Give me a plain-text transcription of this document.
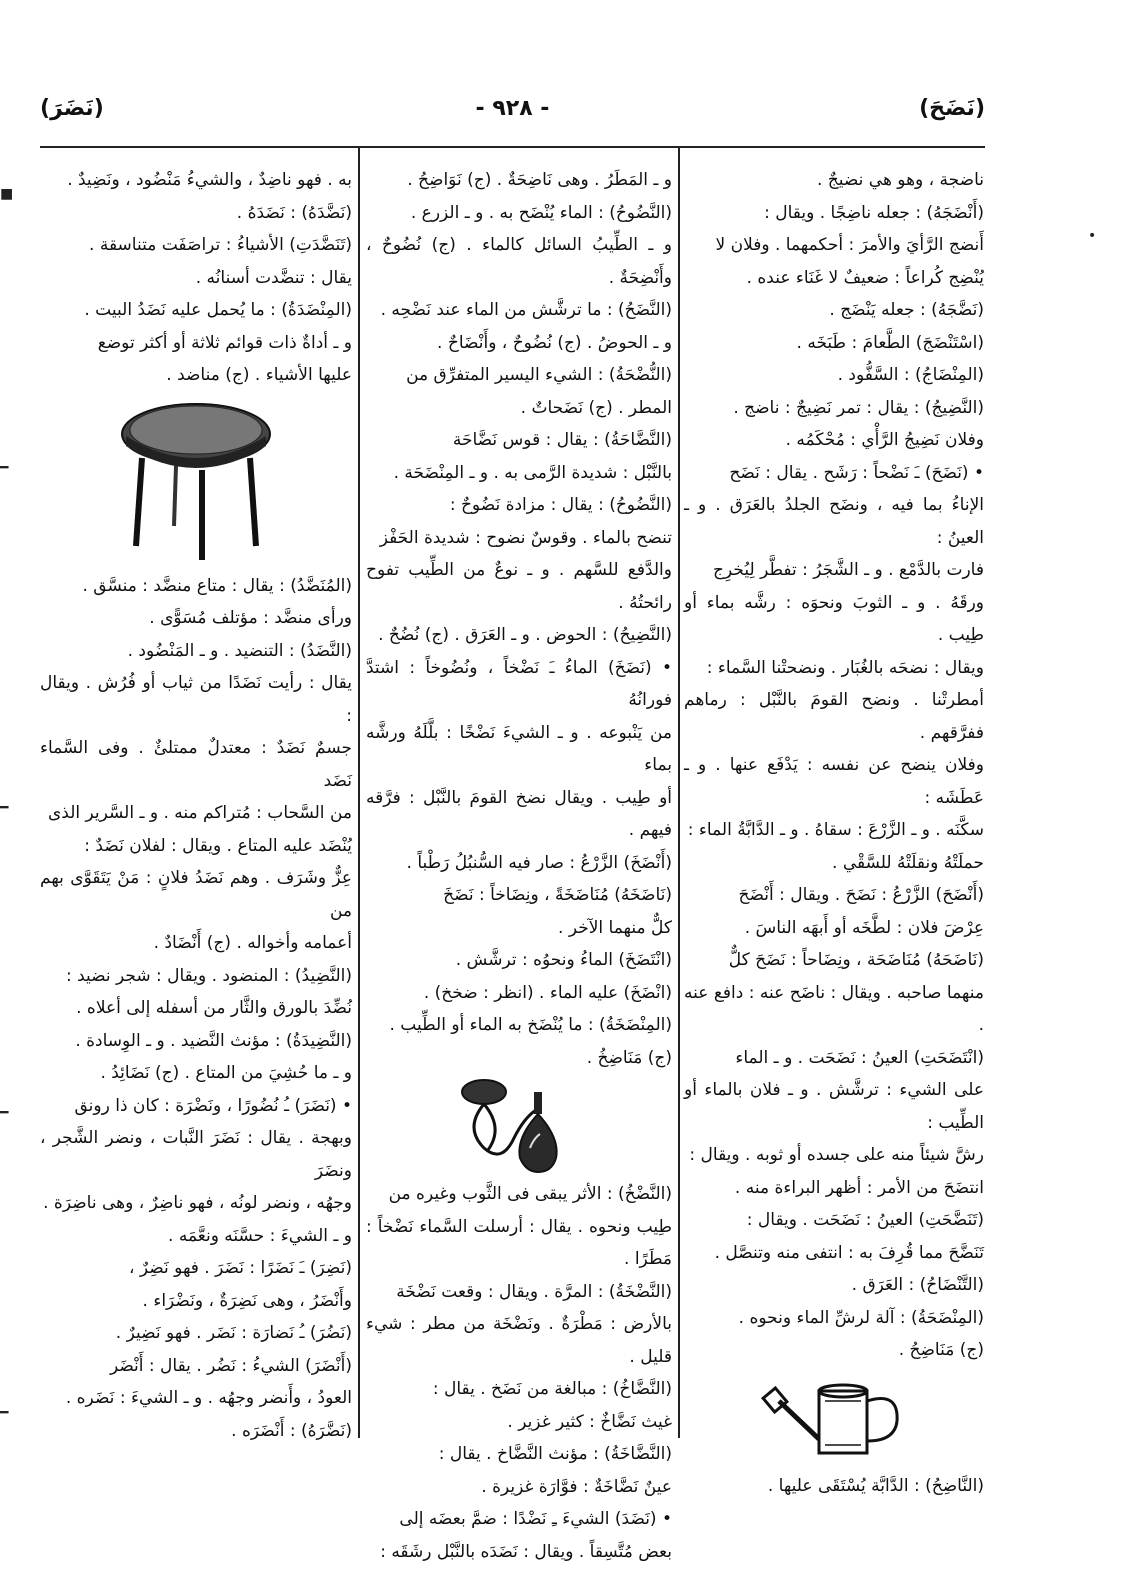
(نَضَحَ)
- ٩٢٨ -
(نَضَرَ)

ناضجة ، وهو هي نضيجٌ .

(أَنْضَجَهُ) : جعله ناضِجًا . ويقال :

أَنضج الرَّأيَ والأمرَ : أحكمهما . وفلان لا

يُنْضِج كُراعاً : ضعيفٌ لا غَنَاء عنده .

(نَضَّجَهُ) : جعله يَنْضَج .

(اسْتَنْضَجَ) الطَّعامَ : طَبَخَه .

(المِنْضَاجُ) : السَّفُّود .

(النَّضِيجُ) : يقال : تمر نَضِيجٌ : ناضج .

وفلان نَضِيجُ الرَّأْي : مُحْكَمُه .

• (نَضَحَ) ـَ نَضْحاً : رَشَح . يقال : نَضَح

الإناءُ بما فيه ، ونضَح الجلدُ بالعَرَق . و ـ العينُ :

فارت بالدَّمْع . و ـ الشَّجَرُ : تفطَّر لِيُخرِج

ورقَهُ . و ـ الثوبَ ونحوَه : رشَّه بماء أو طِيب .

ويقال : نضحَه بالغُبَار . ونضحتْنا السَّماء :

أمطرتْنا . ونضح القومَ بالنَّبْل : رماهم ففرَّقهم .

وفلان ينضح عن نفسه : يَدْفَع عنها . و ـ عَطَشَه :

سكَّنَه . و ـ الزَّرْعَ : سقاهُ . و ـ الدَّابَّةُ الماء :

حملَتْهُ ونقلَتْهُ للسَّقْي .

(أَنْضَحَ) الزَّرْعُ : نَضَحَ . ويقال : أَنْضَحَ

عِرْضَ فلان : لطَّخَه أو أَبهَه الناسَ .

(نَاضَحَهُ) مُنَاضَحَة ، ونِضَاحاً : نَضَحَ كلٌّ

منهما صاحبه . ويقال : ناضَح عنه : دافع عنه .

(انْتَضَحَتِ) العينُ : نَضَحَت . و ـ الماء

على الشيء : ترشَّش . و ـ فلان بالماء أو الطِّيب :

رشَّ شيئاً منه على جسده أو ثوبه . ويقال :

انتضَحَ من الأمر : أظهر البراءة منه .

(تَنَضَّحَتِ) العينُ : نَضَحَت . ويقال :

تَنَضَّحَ مما قُرِفَ به : انتفى منه وتنصَّل .

(التَّنْضَاحُ) : العَرَق .

(المِنْضَحَةُ) : آلة لرشِّ الماء ونحوه .

(ج) مَنَاضِحُ .

(النَّاضِحُ) : الدَّابَّة يُسْتَقَى عليها .

و ـ المَطَرُ . وهى نَاضِحَةٌ . (ج) نَوَاضِحُ .

(النَّضُوحُ) : الماء يُنْضَح به . و ـ الزرع .

و ـ الطِّيبُ السائل كالماء . (ج) نُضُوحٌ ، وأَنْضِحَةٌ .

(النَّضَحُ) : ما ترشَّش من الماء عند نَضْحِه .

و ـ الحوضُ . (ج) نُضُوحٌ ، وأَنْضَاحٌ .

(النُّضْحَةُ) : الشيء اليسير المتفرِّق من

المطر . (ج) نَضَحاتٌ .

(النَّضَّاحَةُ) : يقال : قوس نَضَّاحَة

بالنَّبْل : شديدة الرَّمى به . و ـ المِنْضَحَة .

(النَّضُوحُ) : يقال : مزادة نَضُوحٌ :

تنضح بالماء . وقوسٌ نضوح : شديدة الحَفْز

والدَّفع للسَّهم . و ـ نوعٌ من الطِّيب تفوح رائحتُهُ .

(النَّضِيحُ) : الحوض . و ـ العَرَق . (ج) نُضُحٌ .

• (نَضَخَ) الماءُ ـَ نَضْخاً ، ونُضُوخاً : اشتدَّ فورانُهُ

من يَنْبوعه . و ـ الشيءَ نَضْخًا : بلَّلَهُ ورشَّه بماء

أو طِيب . ويقال نضخ القومَ بالنَّبْل : فرَّقه فيهم .

(أَنْضَخَ) الزَّرْعُ : صار فيه السُّنبُلُ رَطْباً .

(نَاضَخَهُ) مُنَاضَخَةً ، ونِضَاخاً : نَضَخَ

كلٌّ منهما الآخر .

(انْتَضَخَ) الماءُ ونحوُه : ترشَّش .

(انْضَخَ) عليه الماء . (انظر : ضخخ) .

(المِنْضَخَةُ) : ما يُنْضَخ به الماء أو الطِّيب .

(ج) مَنَاضِخُ .

(النَّضْخُ) : الأثر يبقى فى الثَّوب وغيره من

طِيب ونحوه . يقال : أرسلت السَّماء نَضْخاً : مَطَرًا .

(النَّضْخَةُ) : المرَّة . ويقال : وقعت نَضْخَة

بالأرض : مَطْرَةٌ . ونَضْخَة من مطر : شيء قليل .

(النَّضَّاخُ) : مبالغة من نَضَخ . يقال :

غيث نَضَّاخٌ : كثير غزير .

(النَّضَّاخَةُ) : مؤنث النَّضَّاخ . يقال :

عينٌ نَضَّاخَةٌ : فوَّارَة غزيرة .

• (نَضَدَ) الشيءَ ـِ نَضْدًا : ضمَّ بعضَه إلى

بعض مُتَّسِقاً . ويقال : نَضَدَه بالنَّبْل رشَقَه :

به . فهو ناضِدٌ ، والشيءُ مَنْضُود ، ونَضِيدٌ .

(نَضَّدَهُ) : نَضَدَهُ .

(تَنَضَّدَتِ) الأشياءُ : تراصَفَت متناسقة .

يقال : تنضَّدت أسنانُه .

(المِنْضَدَةُ) : ما يُحمل عليه نَضَدُ البيت .

و ـ أداةٌ ذات قوائم ثلاثة أو أكثر توضع

عليها الأشياء . (ج) مناضد .

(المُنَضَّدُ) : يقال : متاع منضَّد : منسَّق .

ورأى منضَّد : مؤتلف مُسَوًّى .

(النَّضَدُ) : التنضيد . و ـ المَنْضُود .

يقال : رأيت نَضَدًا من ثياب أو فُرُش . ويقال :

جسمٌ نَضَدٌ : معتدلٌ ممتلئٌ . وفى السَّماء نَضَد

من السَّحاب : مُتراكم منه . و ـ السَّرير الذى

يُنْضَد عليه المتاع . ويقال : لفلان نَضَدٌ :

عِزٌّ وشَرَف . وهم نَضَدُ فلانٍ : مَنْ يَتَقَوَّى بهم من

أعمامه وأخواله . (ج) أَنْضَادٌ .

(النَّضِيدُ) : المنضود . ويقال : شجر نضيد :

نُضِّدَ بالورق والثَّار من أسفله إلى أعلاه .

(النَّضِيدَةُ) : مؤنث النَّضيد . و ـ الوِسادة .

و ـ ما حُشِيَ من المتاع . (ج) نَضَائِدُ .

• (نَضَرَ) ـُ نُضُورًا ، ونَضْرَة : كان ذا رونق

وبهجة . يقال : نَضَرَ النَّبات ، ونضر الشَّجر ، ونضَرَ

وجهُه ، ونضر لونُه ، فهو ناضِرٌ ، وهى ناضِرَة .

و ـ الشيءَ : حسَّنَه ونعَّمَه .

(نَضِرَ) ـَ نَضَرًا : نَضَرَ . فهو نَضِرٌ ،

وأَنْضَرُ ، وهى نَضِرَةٌ ، ونَضْرَاء .

(نَضُرَ) ـُ نَضارَة : نَضَر . فهو نَضِيرٌ .

(أَنْضَرَ) الشيءُ : نَضُر . يقال : أَنْضَر

العودُ ، وأَنضر وجهُه . و ـ الشيءَ : نَضَره .

(نَضَّرَهُ) : أَنْضَرَه .

■
━
━
━
━
•
